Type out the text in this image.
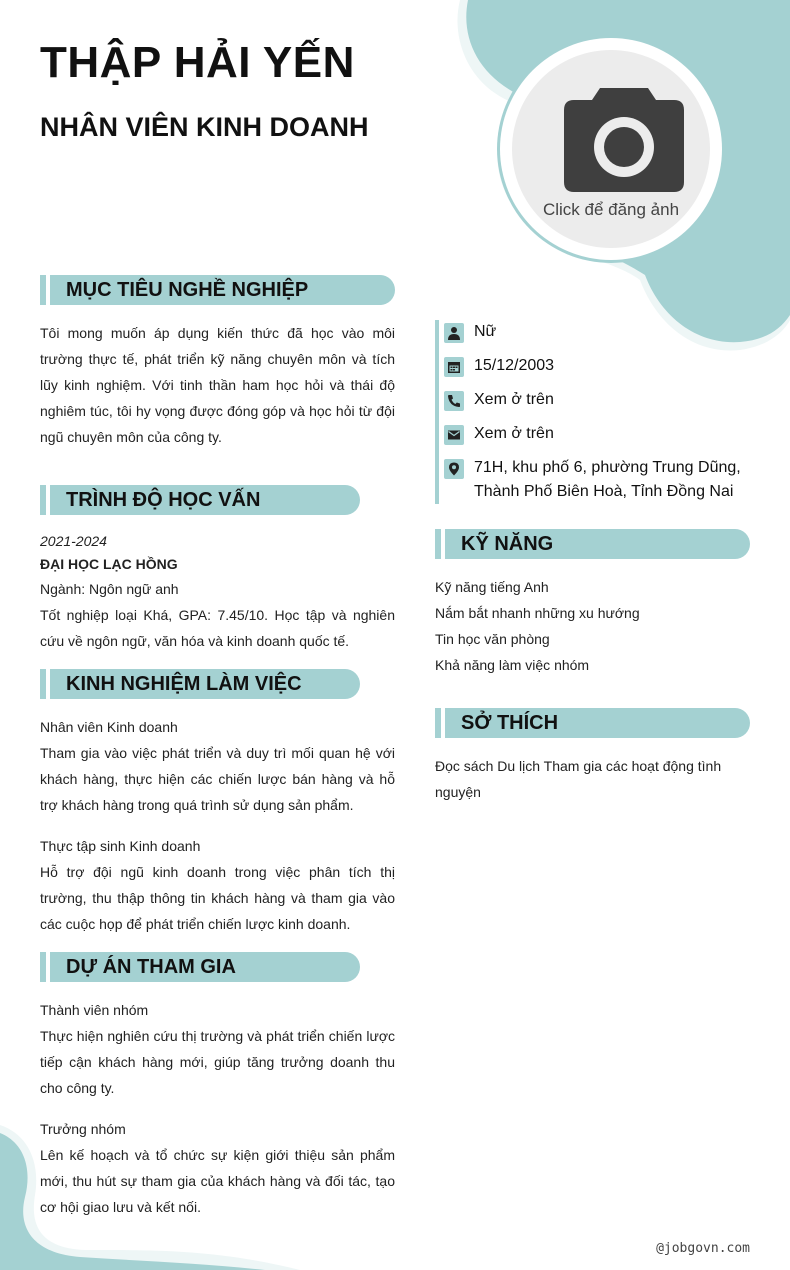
THẬP HẢI YẾN
NHÂN VIÊN KINH DOANH
Click để đăng ảnh
MỤC TIÊU NGHỀ NGHIỆP
Tôi mong muốn áp dụng kiến thức đã học vào môi trường thực tế, phát triển kỹ năng chuyên môn và tích lũy kinh nghiệm. Với tinh thần ham học hỏi và thái độ nghiêm túc, tôi hy vọng được đóng góp và học hỏi từ đội ngũ chuyên môn của công ty.
TRÌNH ĐỘ HỌC VẤN
2021-2024
ĐẠI HỌC LẠC HỒNG
Ngành: Ngôn ngữ anh
Tốt nghiệp loại Khá, GPA: 7.45/10. Học tập và nghiên cứu về ngôn ngữ, văn hóa và kinh doanh quốc tế.
KINH NGHIỆM LÀM VIỆC
Nhân viên Kinh doanh
Tham gia vào việc phát triển và duy trì mối quan hệ với khách hàng, thực hiện các chiến lược bán hàng và hỗ trợ khách hàng trong quá trình sử dụng sản phẩm.
Thực tập sinh Kinh doanh
Hỗ trợ đội ngũ kinh doanh trong việc phân tích thị trường, thu thập thông tin khách hàng và tham gia vào các cuộc họp để phát triển chiến lược kinh doanh.
DỰ ÁN THAM GIA
Thành viên nhóm
Thực hiện nghiên cứu thị trường và phát triển chiến lược tiếp cận khách hàng mới, giúp tăng trưởng doanh thu cho công ty.
Trưởng nhóm
Lên kế hoạch và tổ chức sự kiện giới thiệu sản phẩm mới, thu hút sự tham gia của khách hàng và đối tác, tạo cơ hội giao lưu và kết nối.
Nữ
15/12/2003
Xem ở trên
Xem ở trên
71H, khu phố 6, phường Trung Dũng, Thành Phố Biên Hoà, Tỉnh Đồng Nai
KỸ NĂNG
Kỹ năng tiếng Anh
Nắm bắt nhanh những xu hướng
Tin học văn phòng
Khả năng làm việc nhóm
SỞ THÍCH
Đọc sách Du lịch Tham gia các hoạt động tình nguyện
@jobgovn.com
